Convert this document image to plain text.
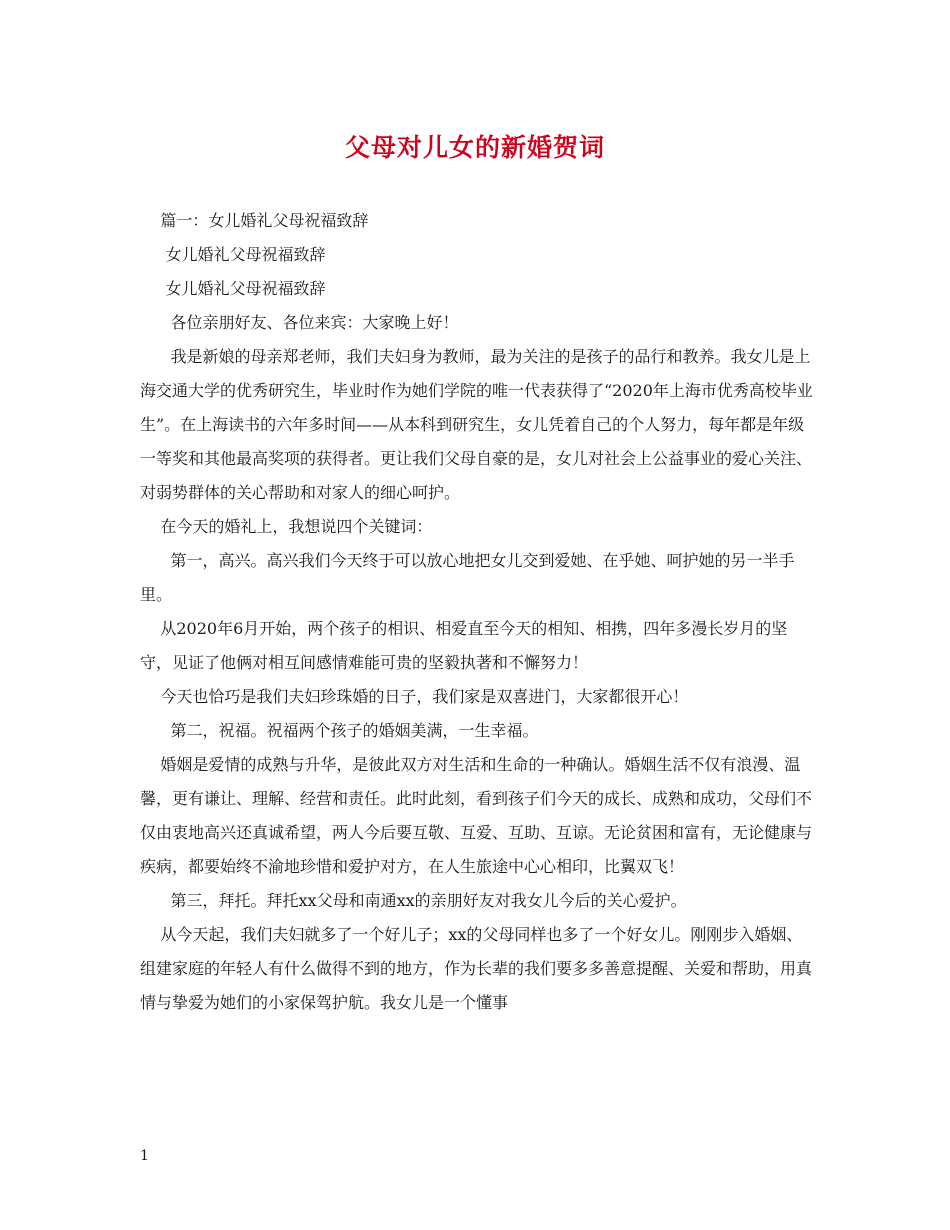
父母对儿女的新婚贺词

篇一：女儿婚礼父母祝福致辞

女儿婚礼父母祝福致辞

女儿婚礼父母祝福致辞

各位亲朋好友、各位来宾：大家晚上好！

我是新娘的母亲郑老师，我们夫妇身为教师，最为关注的是孩子的品行和教养。我女儿是上海交通大学的优秀研究生，毕业时作为她们学院的唯一代表获得了“2020年上海市优秀高校毕业生”。在上海读书的六年多时间——从本科到研究生，女儿凭着自己的个人努力，每年都是年级一等奖和其他最高奖项的获得者。更让我们父母自豪的是，女儿对社会上公益事业的爱心关注、对弱势群体的关心帮助和对家人的细心呵护。

在今天的婚礼上，我想说四个关键词：

第一，高兴。高兴我们今天终于可以放心地把女儿交到爱她、在乎她、呵护她的另一半手里。

从2020年6月开始，两个孩子的相识、相爱直至今天的相知、相携，四年多漫长岁月的坚守，见证了他俩对相互间感情难能可贵的坚毅执著和不懈努力！

今天也恰巧是我们夫妇珍珠婚的日子，我们家是双喜进门，大家都很开心！

第二，祝福。祝福两个孩子的婚姻美满，一生幸福。

婚姻是爱情的成熟与升华，是彼此双方对生活和生命的一种确认。婚姻生活不仅有浪漫、温馨，更有谦让、理解、经营和责任。此时此刻，看到孩子们今天的成长、成熟和成功，父母们不仅由衷地高兴还真诚希望，两人今后要互敬、互爱、互助、互谅。无论贫困和富有，无论健康与疾病，都要始终不渝地珍惜和爱护对方，在人生旅途中心心相印，比翼双飞！

第三，拜托。拜托xx父母和南通xx的亲朋好友对我女儿今后的关心爱护。

从今天起，我们夫妇就多了一个好儿子；xx的父母同样也多了一个好女儿。刚刚步入婚姻、组建家庭的年轻人有什么做得不到的地方，作为长辈的我们要多多善意提醒、关爱和帮助，用真情与挚爱为她们的小家保驾护航。我女儿是一个懂事

1
